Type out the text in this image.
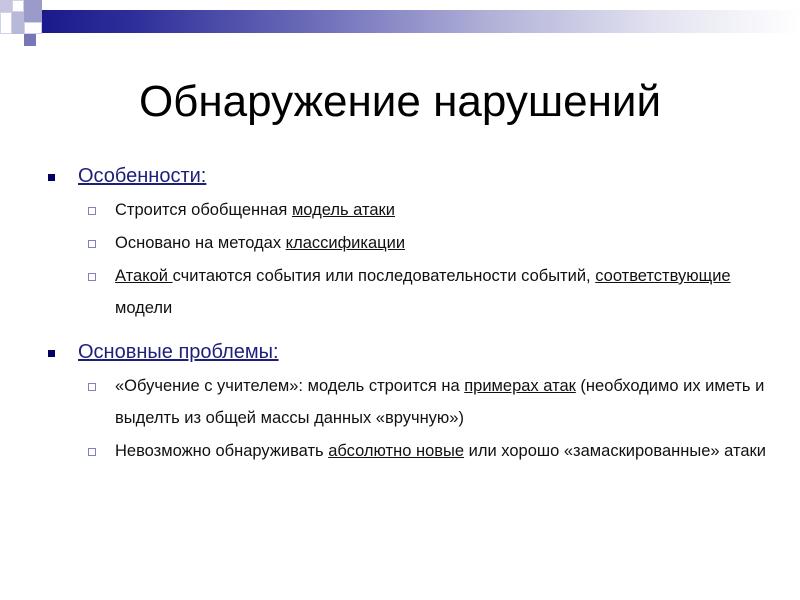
Обнаружение нарушений
Особенности:
Строится обобщенная модель атаки
Основано на методах классификации
Атакой считаются события или последовательности событий, соответствующие модели
Основные проблемы:
«Обучение с учителем»: модель строится на примерах атак (необходимо их иметь и выделть из общей массы данных «вручную»)
Невозможно обнаруживать абсолютно новые или хорошо «замаскированные» атаки
